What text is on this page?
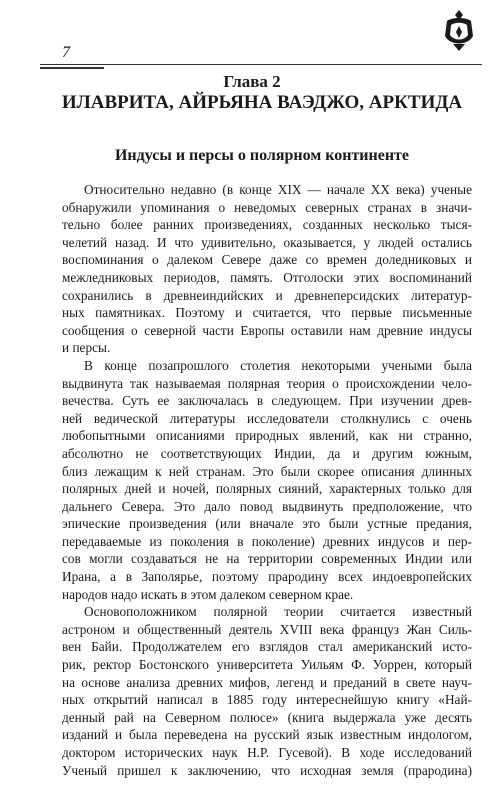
7
Глава 2
ИЛАВРИТА, АЙРЬЯНА ВАЭДЖО, АРКТИДА
Индусы и персы о полярном континенте
Относительно недавно (в конце XIX — начале XX века) ученые
обнаружили упоминания о неведомых северных странах в значи-
тельно более ранних произведениях, созданных несколько тыся-
челетий назад. И что удивительно, оказывается, у людей остались
воспоминания о далеком Севере даже со времен доледниковых и
межледниковых периодов, память. Отголоски этих воспоминаний
сохранились в древнеиндийских и древнеперсидских литератур-
ных памятниках. Поэтому и считается, что первые письменные
сообщения о северной части Европы оставили нам древние индусы
и персы.
В конце позапрошлого столетия некоторыми учеными была
выдвинута так называемая полярная теория о происхождении чело-
вечества. Суть ее заключалась в следующем. При изучении древ-
ней ведической литературы исследователи столкнулись с очень
любопытными описаниями природных явлений, как ни странно,
абсолютно не соответствующих Индии, да и другим южным,
близ лежащим к ней странам. Это были скорее описания длинных
полярных дней и ночей, полярных сияний, характерных только для
дальнего Севера. Это дало повод выдвинуть предположение, что
эпические произведения (или вначале это были устные предания,
передаваемые из поколения в поколение) древних индусов и пер-
сов могли создаваться не на территории современных Индии или
Ирана, а в Заполярье, поэтому прародину всех индоевропейских
народов надо искать в этом далеком северном крае.
Основоположником полярной теории считается известный
астроном и общественный деятель XVIII века француз Жан Силь-
вен Байи. Продолжателем его взглядов стал американский исто-
рик, ректор Бостонского университета Уильям Ф. Уоррен, который
на основе анализа древних мифов, легенд и преданий в свете науч-
ных открытий написал в 1885 году интереснейшую книгу «Най-
денный рай на Северном полюсе» (книга выдержала уже десять
изданий и была переведена на русский язык известным индологом,
доктором исторических наук Н.Р. Гусевой). В ходе исследований
Ученый пришел к заключению, что исходная земля (прародина)
